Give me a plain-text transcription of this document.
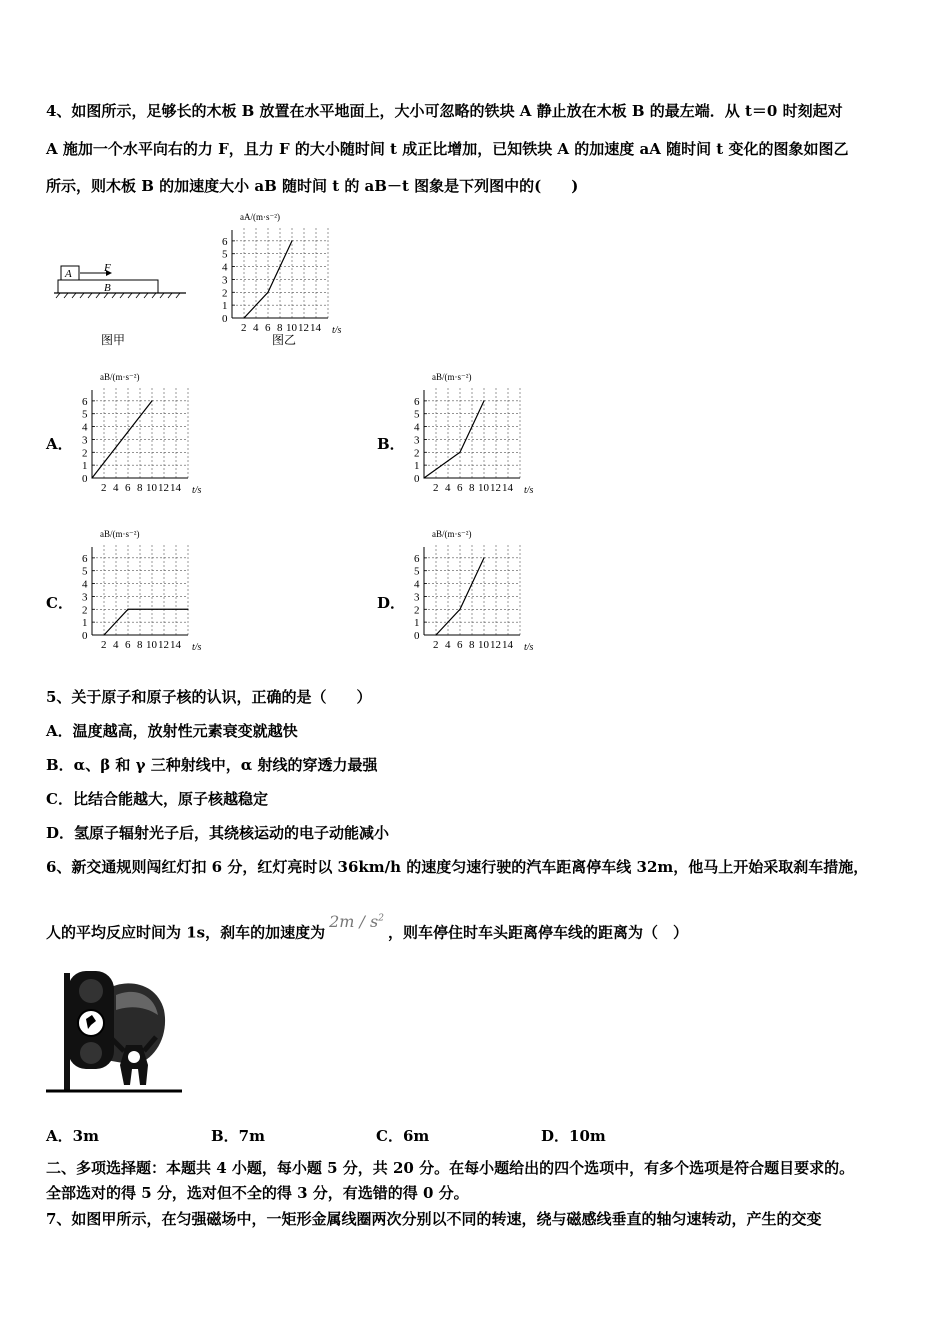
4、如图所示，足够长的木板 B 放置在水平地面上，大小可忽略的铁块 A 静止放在木板 B 的最左端．从 t＝0 时刻起对
A 施加一个水平向右的力 F，且力 F 的大小随时间 t 成正比增加，已知铁块 A 的加速度 aA 随时间 t 变化的图象如图乙
所示，则木板 B 的加速度大小 aB 随时间 t 的 aB－t 图象是下列图中的(　　)
A	F
B
图甲
0
1
2
3
4
5
6
2 4 6 8 10 12 14
aA/(m·s⁻²)
t/s
图乙
A．
0
1
2
3
4
5
6
2 4 6 8 10 12 14
aB/(m·s⁻²)
t/s
B．
0
1
2
3
4
5
6
2 4 6 8 10 12 14
aB/(m·s⁻²)
t/s
C．
0
1
2
3
4
5
6
2 4 6 8 10 12 14
aB/(m·s⁻²)
t/s
D．
0
1
2
3
4
5
6
2 4 6 8 10 12 14
aB/(m·s⁻²)
t/s
5、关于原子和原子核的认识，正确的是（　　）
A．温度越高，放射性元素衰变就越快
B．α、β 和 γ 三种射线中，α 射线的穿透力最强
C．比结合能越大，原子核越稳定
D．氢原子辐射光子后，其绕核运动的电子动能减小
6、新交通规则闯红灯扣 6 分，红灯亮时以 36km/h 的速度匀速行驶的汽车距离停车线 32m，他马上开始采取刹车措施，
人的平均反应时间为 1s，刹车的加速度为$2m / s^2$，则车停住时车头距离停车线的距离为（　）
A．3m	B．7m	C．6m	D．10m
二、多项选择题：本题共 4 小题，每小题 5 分，共 20 分。在每小题给出的四个选项中，有多个选项是符合题目要求的。
全部选对的得 5 分，选对但不全的得 3 分，有选错的得 0 分。
7、如图甲所示，在匀强磁场中，一矩形金属线圈两次分别以不同的转速，绕与磁感线垂直的轴匀速转动，产生的交变
